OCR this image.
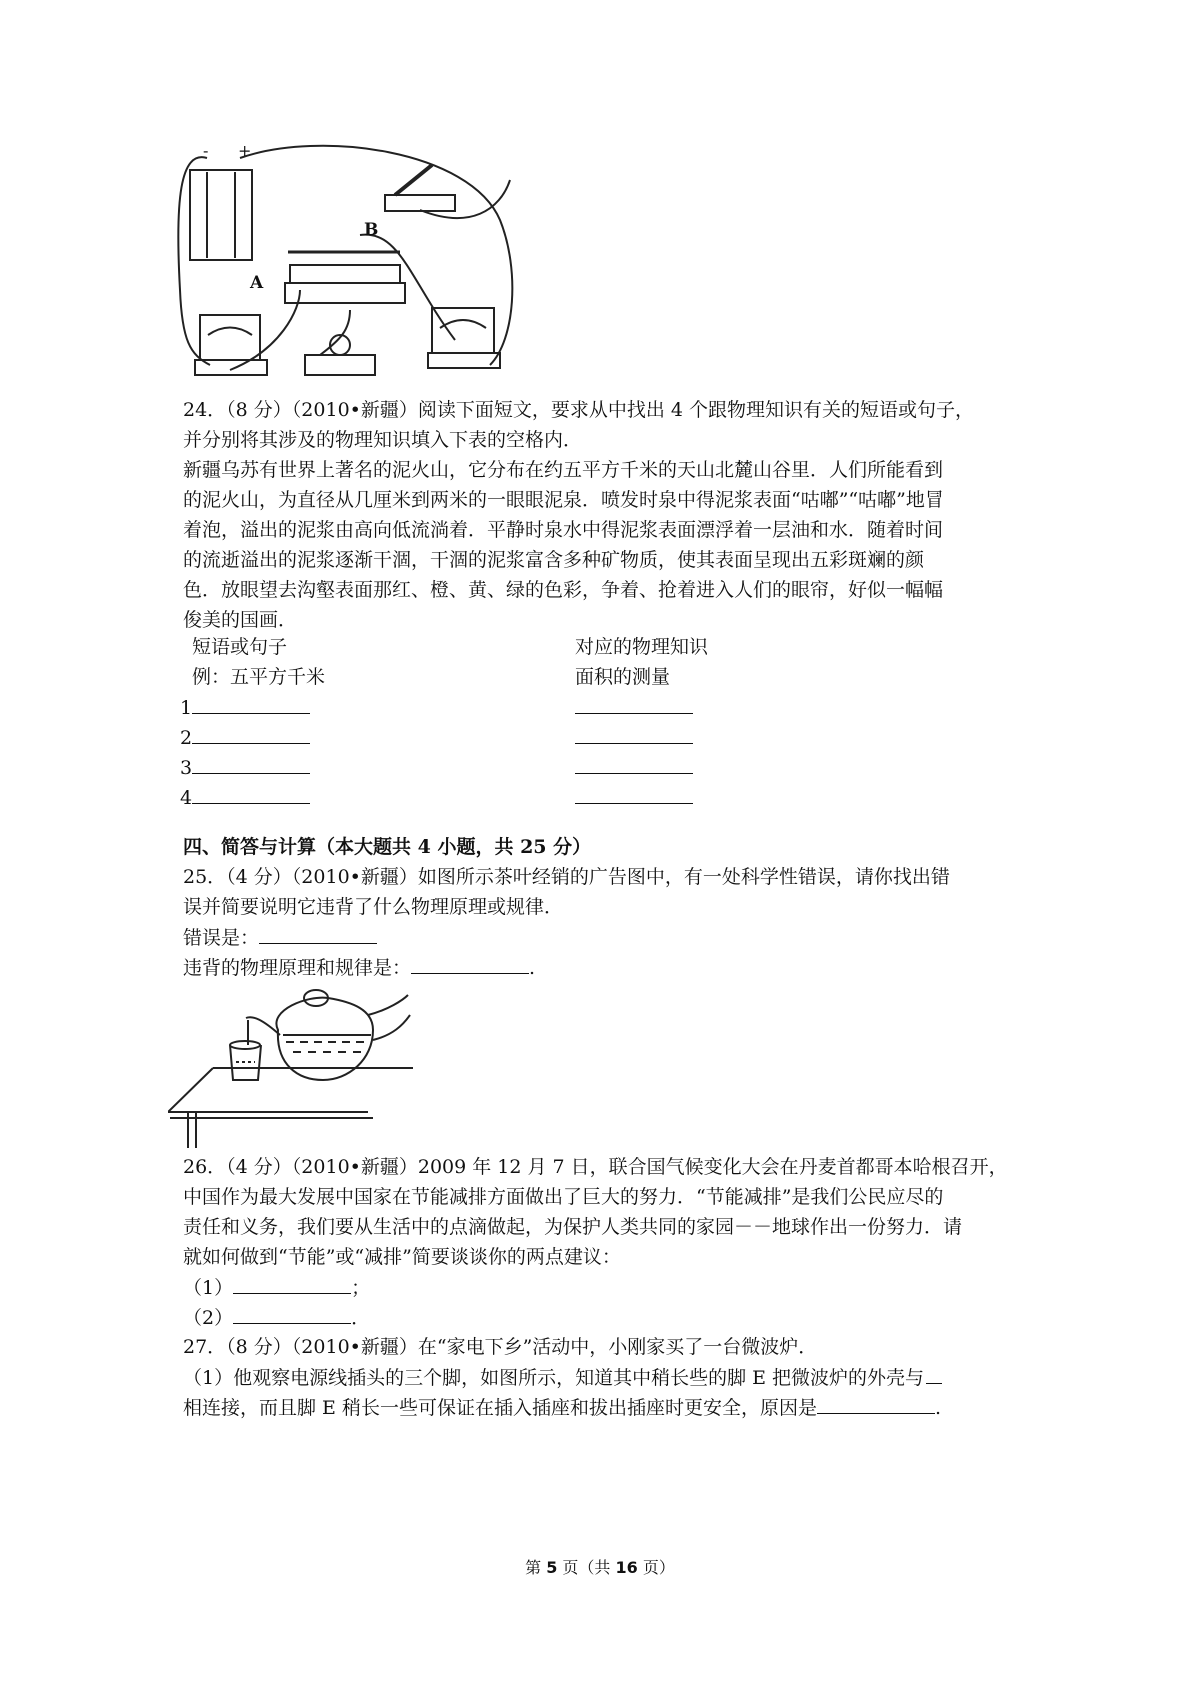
- +
B
A
24．（8 分）（2010•新疆）阅读下面短文，要求从中找出 4 个跟物理知识有关的短语或句子，
并分别将其涉及的物理知识填入下表的空格内．
新疆乌苏有世界上著名的泥火山，它分布在约五平方千米的天山北麓山谷里．人们所能看到
的泥火山，为直径从几厘米到两米的一眼眼泥泉．喷发时泉中得泥浆表面“咕嘟”“咕嘟”地冒
着泡，溢出的泥浆由高向低流淌着．平静时泉水中得泥浆表面漂浮着一层油和水．随着时间
的流逝溢出的泥浆逐渐干涸，干涸的泥浆富含多种矿物质，使其表面呈现出五彩斑斓的颜
色．放眼望去沟壑表面那红、橙、黄、绿的色彩，争着、抢着进入人们的眼帘，好似一幅幅
俊美的国画．
短语或句子	对应的物理知识
例：五平方千米	面积的测量
1
2
3
4
四、简答与计算（本大题共 4 小题，共 25 分）
25．（4 分）（2010•新疆）如图所示茶叶经销的广告图中，有一处科学性错误，请你找出错
误并简要说明它违背了什么物理原理或规律．
错误是：
违背的物理原理和规律是：	.
26．（4 分）（2010•新疆）2009 年 12 月 7 日，联合国气候变化大会在丹麦首都哥本哈根召开，
中国作为最大发展中国家在节能减排方面做出了巨大的努力．“节能减排”是我们公民应尽的
责任和义务，我们要从生活中的点滴做起，为保护人类共同的家园－－地球作出一份努力．请
就如何做到“节能”或“减排”简要谈谈你的两点建议：
（1）	；
（2）	．
27．（8 分）（2010•新疆）在“家电下乡”活动中，小刚家买了一台微波炉．
（1）他观察电源线插头的三个脚，如图所示，知道其中稍长些的脚 E 把微波炉的外壳与
相连接，而且脚 E 稍长一些可保证在插入插座和拔出插座时更安全，原因是	.
第 5 页（共 16 页）
